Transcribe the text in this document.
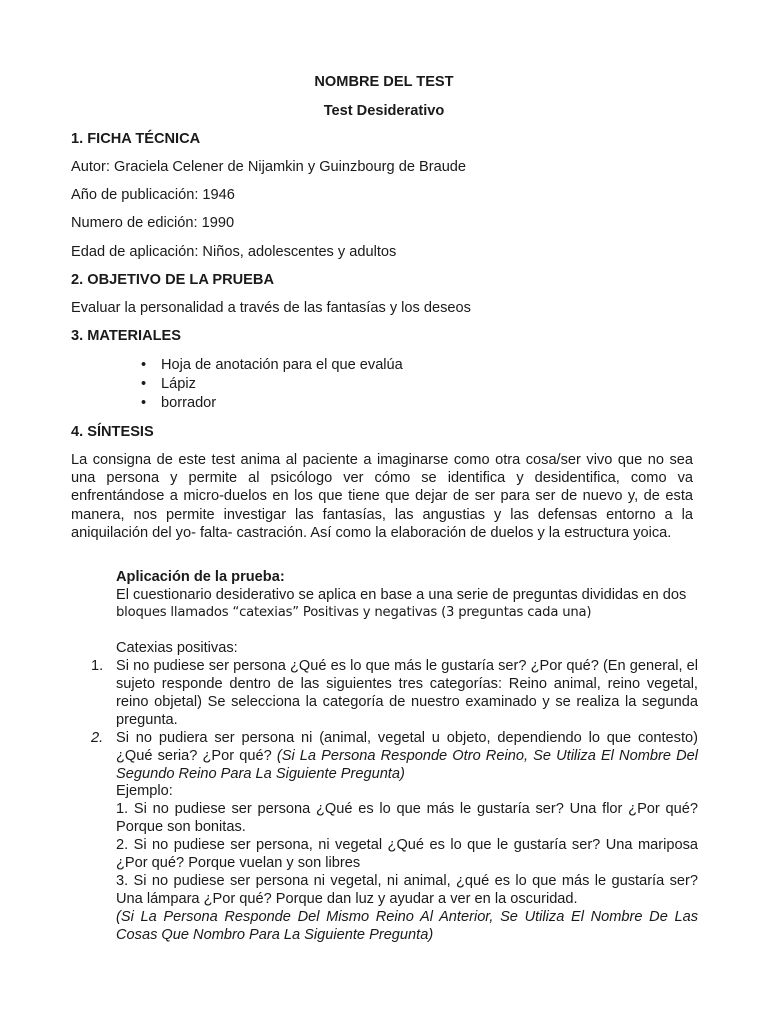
NOMBRE DEL TEST
Test Desiderativo
1. FICHA TÉCNICA
Autor: Graciela Celener de Nijamkin y Guinzbourg de Braude
Año de publicación: 1946
Numero de edición: 1990
Edad de aplicación: Niños, adolescentes y adultos
2. OBJETIVO DE LA PRUEBA
Evaluar la personalidad a través de las fantasías y los deseos
3. MATERIALES
• Hoja de anotación para el que evalúa
• Lápiz
• borrador
4. SÍNTESIS
La consigna de este test anima al paciente a imaginarse como otra cosa/ser vivo que no sea una persona y permite al psicólogo ver cómo se identifica y desidentifica, como va enfrentándose a micro-duelos en los que tiene que dejar de ser para ser de nuevo y, de esta manera, nos permite investigar las fantasías, las angustias y las defensas entorno a la aniquilación del yo- falta- castración. Así como la elaboración de duelos y la estructura yoica.
Aplicación de la prueba:
El cuestionario desiderativo se aplica en base a una serie de preguntas divididas en dos
bloques llamados “catexias” Positivas y negativas (3 preguntas cada una)
Catexias positivas:
1. Si no pudiese ser persona ¿Qué es lo que más le gustaría ser? ¿Por qué? (En general, el sujeto responde dentro de las siguientes tres categorías: Reino animal, reino vegetal, reino objetal) Se selecciona la categoría de nuestro examinado y se realiza la segunda pregunta.
2. Si no pudiera ser persona ni (animal, vegetal u objeto, dependiendo lo que contesto) ¿Qué seria? ¿Por qué? (Si La Persona Responde Otro Reino, Se Utiliza El Nombre Del Segundo Reino Para La Siguiente Pregunta)
Ejemplo:
1. Si no pudiese ser persona ¿Qué es lo que más le gustaría ser? Una flor ¿Por qué? Porque son bonitas.
2. Si no pudiese ser persona, ni vegetal ¿Qué es lo que le gustaría ser? Una mariposa ¿Por qué? Porque vuelan y son libres
3. Si no pudiese ser persona ni vegetal, ni animal, ¿qué es lo que más le gustaría ser? Una lámpara ¿Por qué? Porque dan luz y ayudar a ver en la oscuridad.
(Si La Persona Responde Del Mismo Reino Al Anterior, Se Utiliza El Nombre De Las Cosas Que Nombro Para La Siguiente Pregunta)
